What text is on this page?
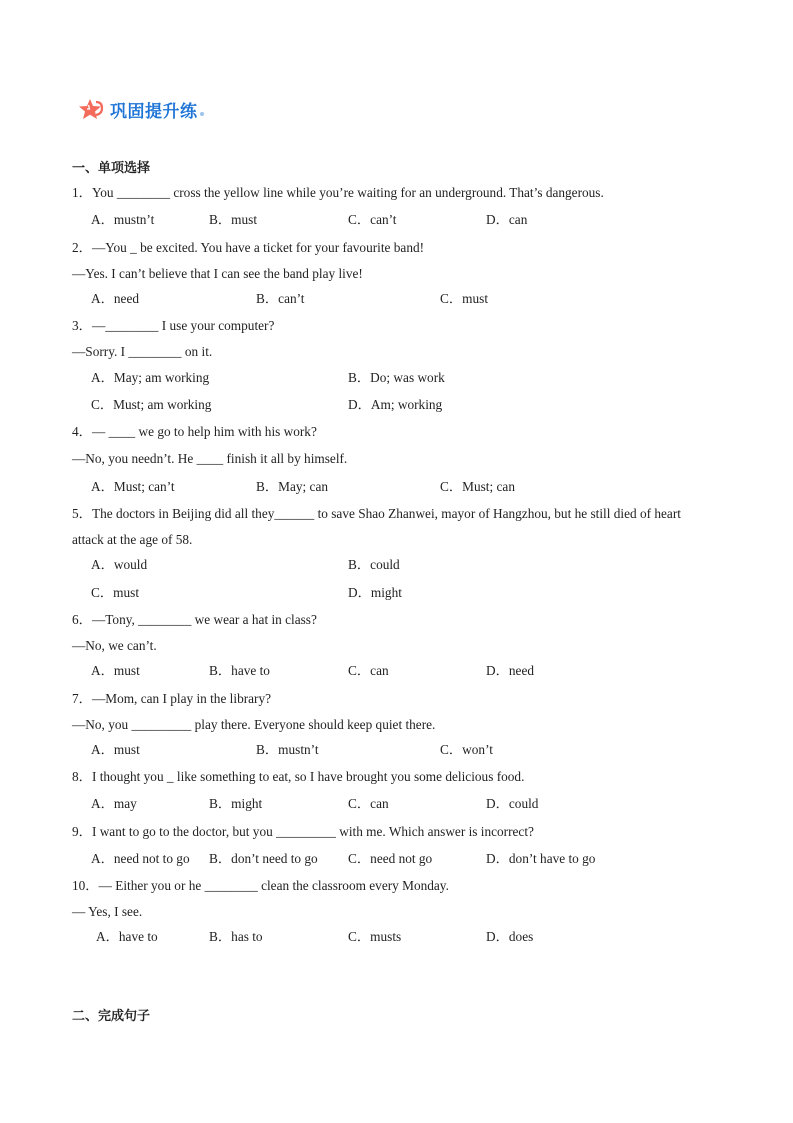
巩固提升练
一、单项选择
1．You ________ cross the yellow line while you’re waiting for an underground. That’s dangerous.
A．mustn’t	B．must	C．can’t	D．can
2．—You _ be excited. You have a ticket for your favourite band!
—Yes. I can’t believe that I can see the band play live!
A．need	B．can’t	C．must
3．—________ I use your computer?
—Sorry. I ________ on it.
A．May; am working	B．Do; was work
C．Must; am working	D．Am; working
4．— ____ we go to help him with his work?
—No, you needn’t. He ____ finish it all by himself.
A．Must; can’t	B．May; can	C．Must; can
5．The doctors in Beijing did all they______ to save Shao Zhanwei, mayor of Hangzhou, but he still died of heart
attack at the age of 58.
A．would	B．could
C．must	D．might
6．—Tony, ________ we wear a hat in class?
—No, we can’t.
A．must	B．have to	C．can	D．need
7．—Mom, can I play in the library?
—No, you _________ play there. Everyone should keep quiet there.
A．must	B．mustn’t	C．won’t
8．I thought you _ like something to eat, so I have brought you some delicious food.
A．may	B．might	C．can	D．could
9．I want to go to the doctor, but you _________ with me. Which answer is incorrect?
A．need not to go B．don’t need to go C．need not go	D．don’t have to go
10．— Either you or he ________ clean the classroom every Monday.
— Yes, I see.
A．have to	B．has to	C．musts	D．does
二、完成句子
